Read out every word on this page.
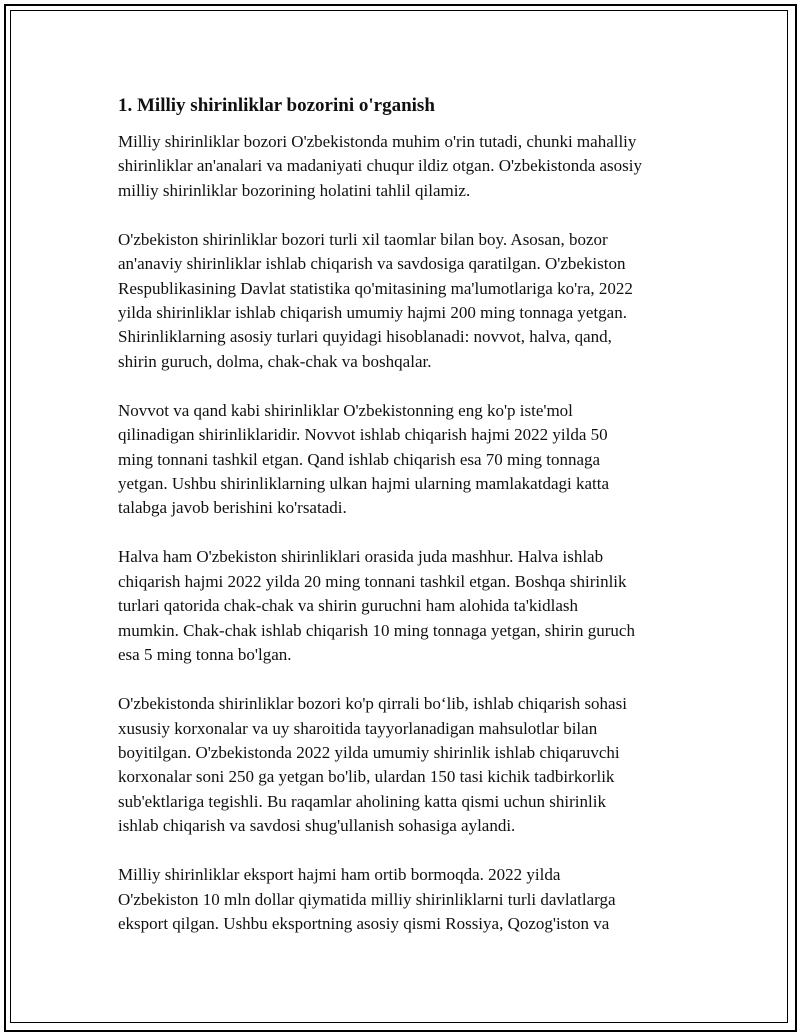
1. Milliy shirinliklar bozorini o'rganish
Milliy shirinliklar bozori O'zbekistonda muhim o'rin tutadi, chunki mahalliy
shirinliklar an'analari va madaniyati chuqur ildiz otgan. O'zbekistonda asosiy
milliy shirinliklar bozorining holatini tahlil qilamiz.
O'zbekiston shirinliklar bozori turli xil taomlar bilan boy. Asosan, bozor
an'anaviy shirinliklar ishlab chiqarish va savdosiga qaratilgan. O'zbekiston
Respublikasining Davlat statistika qo'mitasining ma'lumotlariga ko'ra, 2022
yilda shirinliklar ishlab chiqarish umumiy hajmi 200 ming tonnaga yetgan.
Shirinliklarning asosiy turlari quyidagi hisoblanadi: novvot, halva, qand,
shirin guruch, dolma, chak-chak va boshqalar.
Novvot va qand kabi shirinliklar O'zbekistonning eng ko'p iste'mol
qilinadigan shirinliklaridir. Novvot ishlab chiqarish hajmi 2022 yilda 50
ming tonnani tashkil etgan. Qand ishlab chiqarish esa 70 ming tonnaga
yetgan. Ushbu shirinliklarning ulkan hajmi ularning mamlakatdagi katta
talabga javob berishini ko'rsatadi.
Halva ham O'zbekiston shirinliklari orasida juda mashhur. Halva ishlab
chiqarish hajmi 2022 yilda 20 ming tonnani tashkil etgan. Boshqa shirinlik
turlari qatorida chak-chak va shirin guruchni ham alohida ta'kidlash
mumkin. Chak-chak ishlab chiqarish 10 ming tonnaga yetgan, shirin guruch
esa 5 ming tonna bo'lgan.
O'zbekistonda shirinliklar bozori ko'p qirrali bo‘lib, ishlab chiqarish sohasi
xususiy korxonalar va uy sharoitida tayyorlanadigan mahsulotlar bilan
boyitilgan. O'zbekistonda 2022 yilda umumiy shirinlik ishlab chiqaruvchi
korxonalar soni 250 ga yetgan bo'lib, ulardan 150 tasi kichik tadbirkorlik
sub'ektlariga tegishli. Bu raqamlar aholining katta qismi uchun shirinlik
ishlab chiqarish va savdosi shug'ullanish sohasiga aylandi.
Milliy shirinliklar eksport hajmi ham ortib bormoqda. 2022 yilda
O'zbekiston 10 mln dollar qiymatida milliy shirinliklarni turli davlatlarga
eksport qilgan. Ushbu eksportning asosiy qismi Rossiya, Qozog'iston va
